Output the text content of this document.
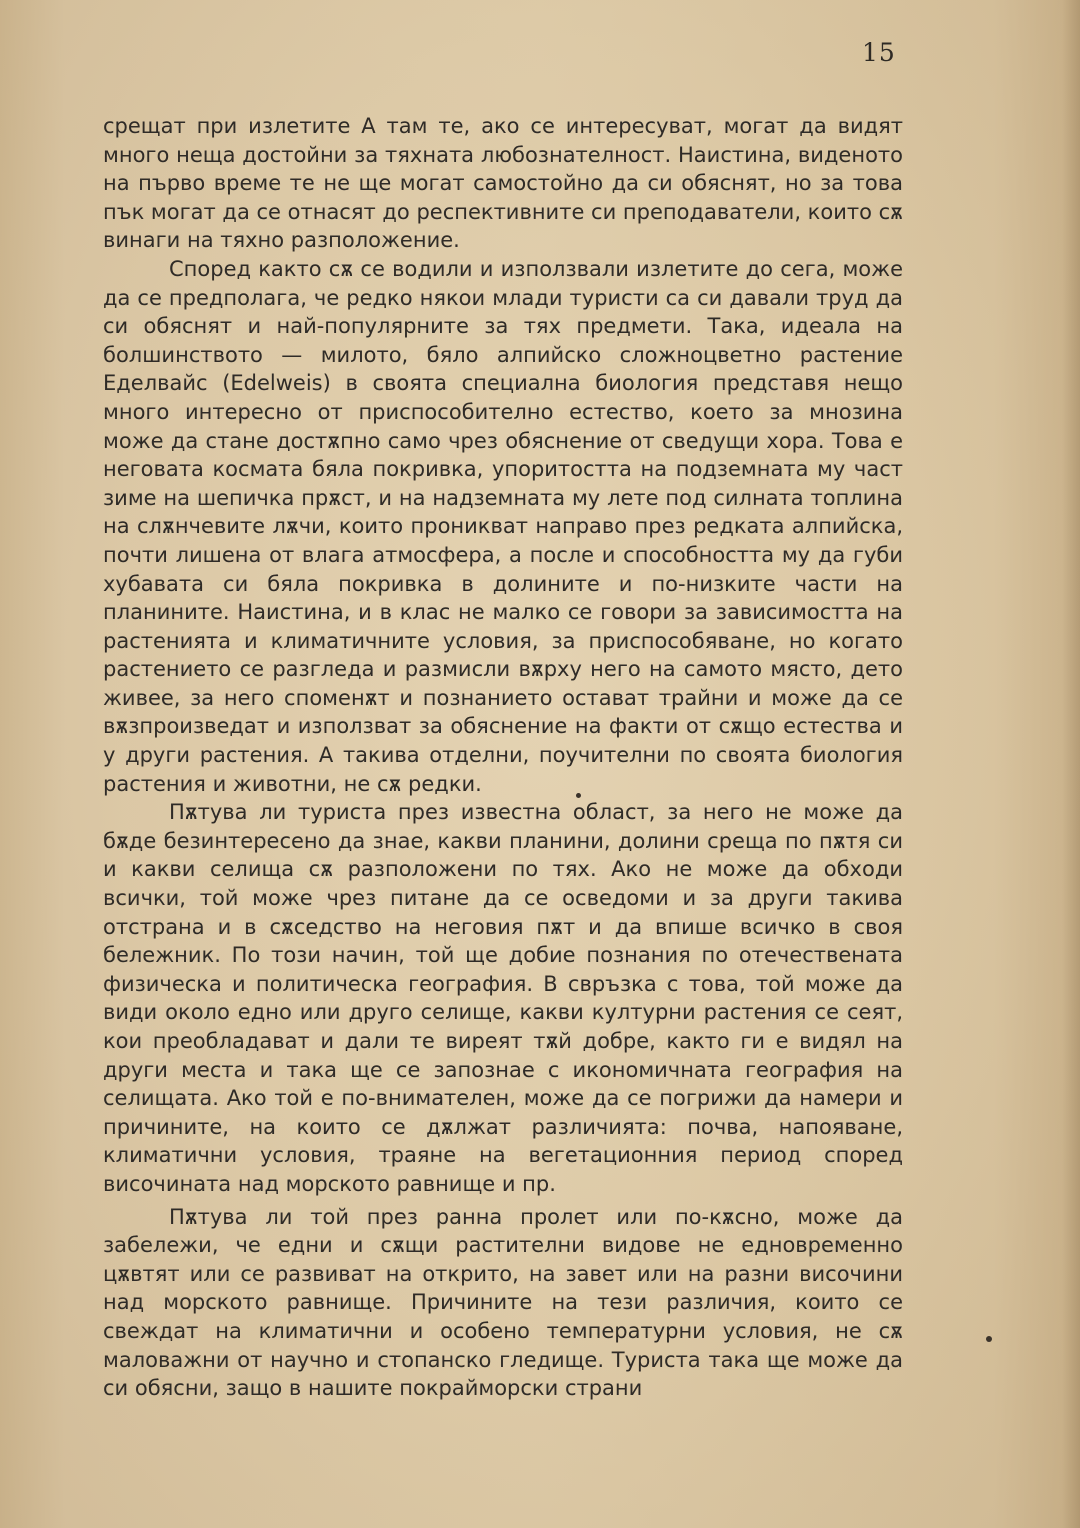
15

срещат при излетите А там те, ако се интересуват, могат да видят много неща достойни за тяхната любознателност. Наистина, виденото на първо време те не ще могат самостойно да си обяснят, но за това пък могат да се отнасят до респективните си преподаватели, които сѫ винаги на тяхно разположение.

Според както сѫ се водили и използвали излетите до сега, може да се предполага, че редко някои млади туристи са си давали труд да си обяснят и най-популярните за тях предмети. Така, идеала на болшинството — милото, бяло алпийско сложноцветно растение Еделвайс (Edelweis) в своята специална биология представя нещо много интересно от приспособително естество, което за мнозина може да стане достѫпно само чрез обяснение от сведущи хора. Това е неговата космата бяла покривка, упоритостта на подземната му част зиме на шепичка прѫст, и на надземната му лете под силната топлина на слѫнчевите лѫчи, които проникват направо през редката алпийска, почти лишена от влага атмосфера, а после и способността му да губи хубавата си бяла покривка в долините и по-низките части на планините. Наистина, и в клас не малко се говори за зависимостта на растенията и климатичните условия, за приспособяване, но когато растението се разгледа и размисли вѫрху него на самото място, дето живее, за него споменѫт и познанието остават трайни и може да се вѫзпроизведат и използват за обяснение на факти от сѫщо естества и у други растения. А такива отделни, поучителни по своята биология растения и животни, не сѫ редки.

Пѫтува ли туриста през известна област, за него не може да бѫде безинтересено да знае, какви планини, долини среща по пѫтя си и какви селища сѫ разположени по тях. Ако не може да обходи всички, той може чрез питане да се осведоми и за други такива отстрана и в сѫседство на неговия пѫт и да впише всичко в своя бележник. По този начин, той ще добие познания по отечествената физическа и политическа география. В свръзка с това, той може да види около едно или друго селище, какви културни растения се сеят, кои преобладават и дали те виреят тѫй добре, както ги е видял на други места и така ще се запознае с икономичната география на селищата. Ако той е по-внимателен, може да се погрижи да намери и причините, на които се дѫлжат различията: почва, напояване, климатични условия, траяне на вегетационния период според височината над морското равнище и пр.

Пѫтува ли той през ранна пролет или по-кѫсно, може да забележи, че едни и сѫщи растителни видове не едновременно цѫвтят или се развиват на открито, на завет или на разни височини над морското равнище. Причините на тези различия, които се свеждат на климатични и особено температурни условия, не сѫ маловажни от научно и стопанско гледище. Туриста така ще може да си обясни, защо в нашите покрайморски страни
